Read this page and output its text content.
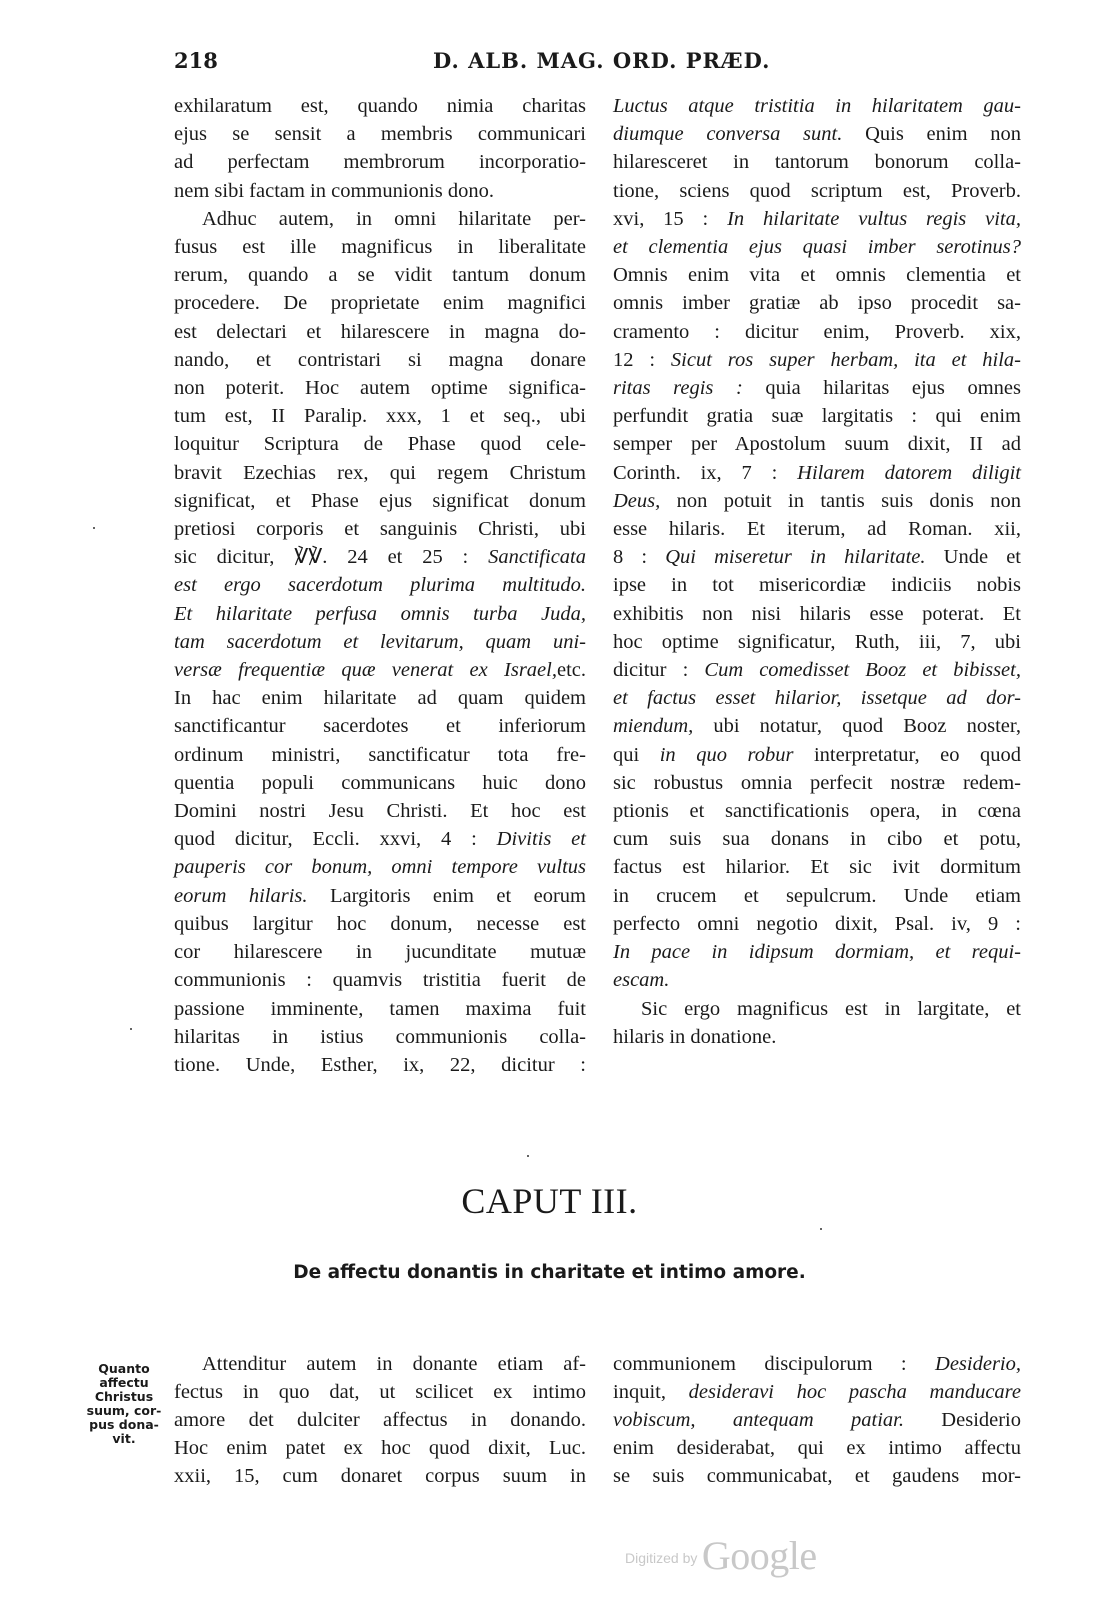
218	D. ALB. MAG. ORD. PRÆD.
exhilaratum est, quando nimia charitas
ejus se sensit a membris communicari
ad perfectam membrorum incorporatio-
nem sibi factam in communionis dono.
Adhuc autem, in omni hilaritate per-
fusus est ille magnificus in liberalitate
rerum, quando a se vidit tantum donum
procedere. De proprietate enim magnifici
est delectari et hilarescere in magna do-
nando, et contristari si magna donare
non poterit. Hoc autem optime significa-
tum est, II Paralip. xxx, 1 et seq., ubi
loquitur Scriptura de Phase quod cele-
bravit Ezechias rex, qui regem Christum
significat, et Phase ejus significat donum
pretiosi corporis et sanguinis Christi, ubi
sic dicitur, ℣℣. 24 et 25 : Sanctificata
est ergo sacerdotum plurima multitudo.
Et hilaritate perfusa omnis turba Juda,
tam sacerdotum et levitarum, quam uni-
versæ frequentiæ quæ venerat ex Israel,etc.
In hac enim hilaritate ad quam quidem
sanctificantur sacerdotes et inferiorum
ordinum ministri, sanctificatur tota fre-
quentia populi communicans huic dono
Domini nostri Jesu Christi. Et hoc est
quod dicitur, Eccli. xxvi, 4 : Divitis et
pauperis cor bonum, omni tempore vultus
eorum hilaris. Largitoris enim et eorum
quibus largitur hoc donum, necesse est
cor hilarescere in jucunditate mutuæ
communionis : quamvis tristitia fuerit de
passione imminente, tamen maxima fuit
hilaritas in istius communionis colla-
tione. Unde, Esther, ix, 22, dicitur :
Luctus atque tristitia in hilaritatem gau-
diumque conversa sunt. Quis enim non
hilaresceret in tantorum bonorum colla-
tione, sciens quod scriptum est, Proverb.
xvi, 15 : In hilaritate vultus regis vita,
et clementia ejus quasi imber serotinus?
Omnis enim vita et omnis clementia et
omnis imber gratiæ ab ipso procedit sa-
cramento : dicitur enim, Proverb. xix,
12 : Sicut ros super herbam, ita et hila-
ritas regis : quia hilaritas ejus omnes
perfundit gratia suæ largitatis : qui enim
semper per Apostolum suum dixit, II ad
Corinth. ix, 7 : Hilarem datorem diligit
Deus, non potuit in tantis suis donis non
esse hilaris. Et iterum, ad Roman. xii,
8 : Qui miseretur in hilaritate. Unde et
ipse in tot misericordiæ indiciis nobis
exhibitis non nisi hilaris esse poterat. Et
hoc optime significatur, Ruth, iii, 7, ubi
dicitur : Cum comedisset Booz et bibisset,
et factus esset hilarior, issetque ad dor-
miendum, ubi notatur, quod Booz noster,
qui in quo robur interpretatur, eo quod
sic robustus omnia perfecit nostræ redem-
ptionis et sanctificationis opera, in cœna
cum suis sua donans in cibo et potu,
factus est hilarior. Et sic ivit dormitum
in crucem et sepulcrum. Unde etiam
perfecto omni negotio dixit, Psal. iv, 9 :
In pace in idipsum dormiam, et requi-
escam.
Sic ergo magnificus est in largitate, et
hilaris in donatione.
CAPUT III.
De affectu donantis in charitate et intimo amore.
Quanto
affectu
Christus
suum, cor-
pus dona-
vit.
Attenditur autem in donante etiam af-
fectus in quo dat, ut scilicet ex intimo
amore det dulciter affectus in donando.
Hoc enim patet ex hoc quod dixit, Luc.
xxii, 15, cum donaret corpus suum in
communionem discipulorum : Desiderio,
inquit, desideravi hoc pascha manducare
vobiscum, antequam patiar. Desiderio
enim desiderabat, qui ex intimo affectu
se suis communicabat, et gaudens mor-
Digitized by Google
